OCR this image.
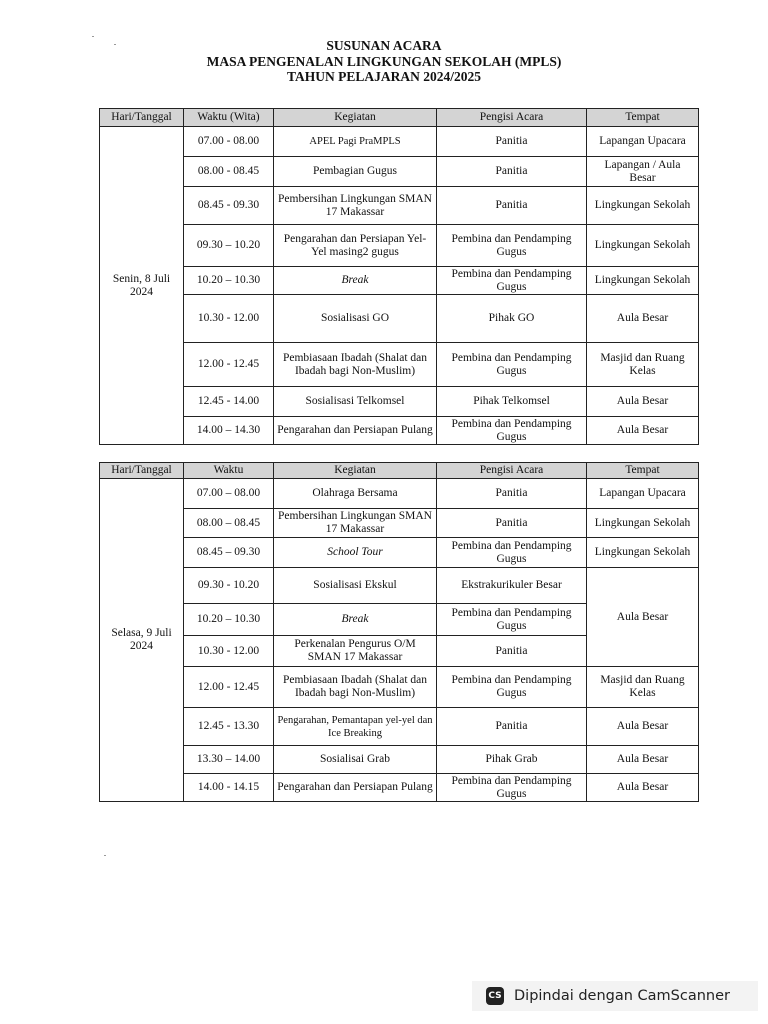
SUSUNAN ACARA
MASA PENGENALAN LINGKUNGAN SEKOLAH (MPLS)
TAHUN PELAJARAN 2024/2025
Hari/Tanggal	Waktu (Wita)	Kegiatan	Pengisi Acara	Tempat
Senin, 8 Juli 2024	07.00 - 08.00	APEL Pagi PraMPLS	Panitia	Lapangan Upacara
	08.00 - 08.45	Pembagian Gugus	Panitia	Lapangan / Aula Besar
	08.45 - 09.30	Pembersihan Lingkungan SMAN 17 Makassar	Panitia	Lingkungan Sekolah
	09.30 – 10.20	Pengarahan dan Persiapan Yel-Yel masing2 gugus	Pembina dan Pendamping Gugus	Lingkungan Sekolah
	10.20 – 10.30	Break	Pembina dan Pendamping Gugus	Lingkungan Sekolah
	10.30 - 12.00	Sosialisasi GO	Pihak GO	Aula Besar
	12.00 - 12.45	Pembiasaan Ibadah (Shalat dan Ibadah bagi Non-Muslim)	Pembina dan Pendamping Gugus	Masjid dan Ruang Kelas
	12.45 - 14.00	Sosialisasi Telkomsel	Pihak Telkomsel	Aula Besar
	14.00 – 14.30	Pengarahan dan Persiapan Pulang	Pembina dan Pendamping Gugus	Aula Besar
Hari/Tanggal	Waktu	Kegiatan	Pengisi Acara	Tempat
Selasa, 9 Juli 2024	07.00 – 08.00	Olahraga Bersama	Panitia	Lapangan Upacara
	08.00 – 08.45	Pembersihan Lingkungan SMAN 17 Makassar	Panitia	Lingkungan Sekolah
	08.45 – 09.30	School Tour	Pembina dan Pendamping Gugus	Lingkungan Sekolah
	09.30 - 10.20	Sosialisasi Ekskul	Ekstrakurikuler Besar	Aula Besar
	10.20 – 10.30	Break	Pembina dan Pendamping Gugus	
	10.30 - 12.00	Perkenalan Pengurus O/M SMAN 17 Makassar	Panitia	
	12.00 - 12.45	Pembiasaan Ibadah (Shalat dan Ibadah bagi Non-Muslim)	Pembina dan Pendamping Gugus	Masjid dan Ruang Kelas
	12.45 - 13.30	Pengarahan, Pemantapan yel-yel dan Ice Breaking	Panitia	Aula Besar
	13.30 – 14.00	Sosialisai Grab	Pihak Grab	Aula Besar
	14.00 - 14.15	Pengarahan dan Persiapan Pulang	Pembina dan Pendamping Gugus	Aula Besar
CS Dipindai dengan CamScanner
